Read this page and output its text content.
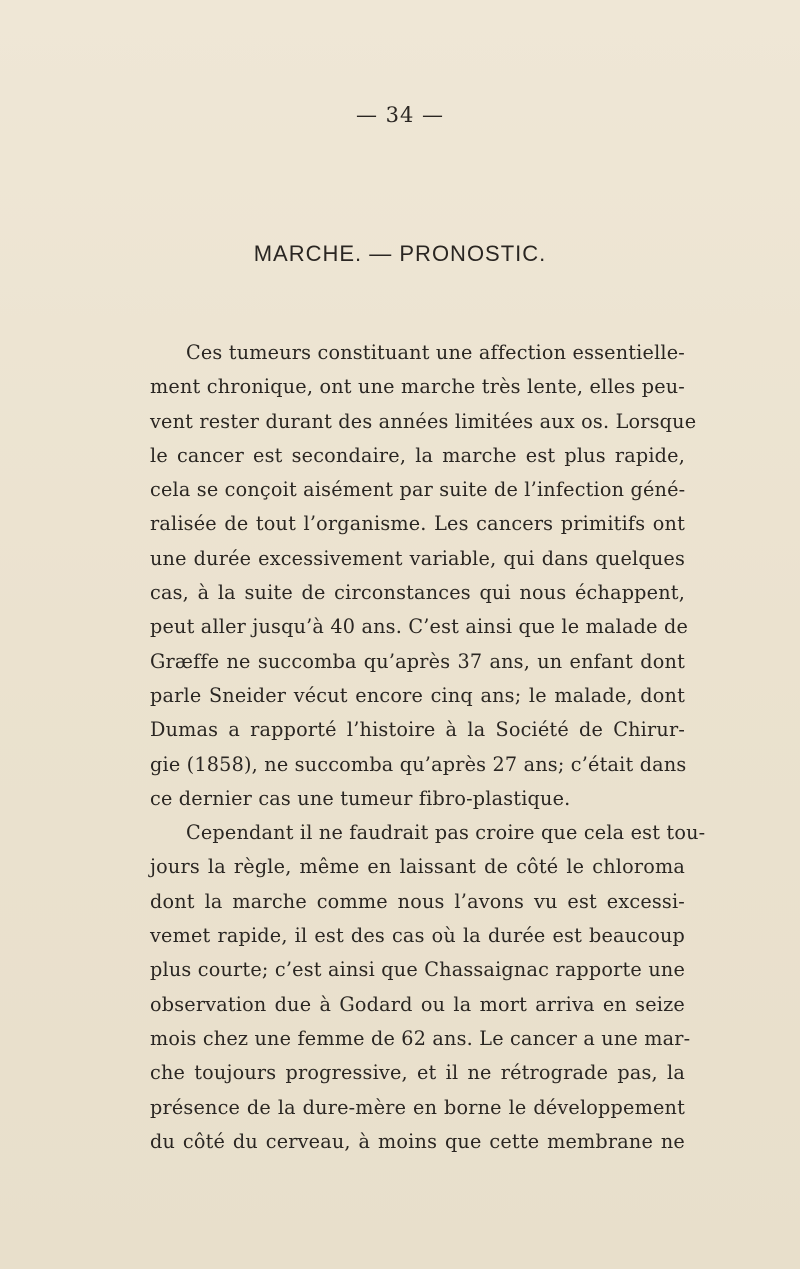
— 34 —
MARCHE. — PRONOSTIC.
Ces tumeurs constituant une affection essentielle-
ment chronique, ont une marche très lente, elles peu-
vent rester durant des années limitées aux os. Lorsque
le cancer est secondaire, la marche est plus rapide,
cela se conçoit aisément par suite de l’infection géné-
ralisée de tout l’organisme. Les cancers primitifs ont
une durée excessivement variable, qui dans quelques
cas, à la suite de circonstances qui nous échappent,
peut aller jusqu’à 40 ans. C’est ainsi que le malade de
Græffe ne succomba qu’après 37 ans, un enfant dont
parle Sneider vécut encore cinq ans; le malade, dont
Dumas a rapporté l’histoire à la Société de Chirur-
gie (1858), ne succomba qu’après 27 ans; c’était dans
ce dernier cas une tumeur fibro-plastique.
Cependant il ne faudrait pas croire que cela est tou-
jours la règle, même en laissant de côté le chloroma
dont la marche comme nous l’avons vu est excessi-
vemet rapide, il est des cas où la durée est beaucoup
plus courte; c’est ainsi que Chassaignac rapporte une
observation due à Godard ou la mort arriva en seize
mois chez une femme de 62 ans. Le cancer a une mar-
che toujours progressive, et il ne rétrograde pas, la
présence de la dure-mère en borne le développement
du côté du cerveau, à moins que cette membrane ne
